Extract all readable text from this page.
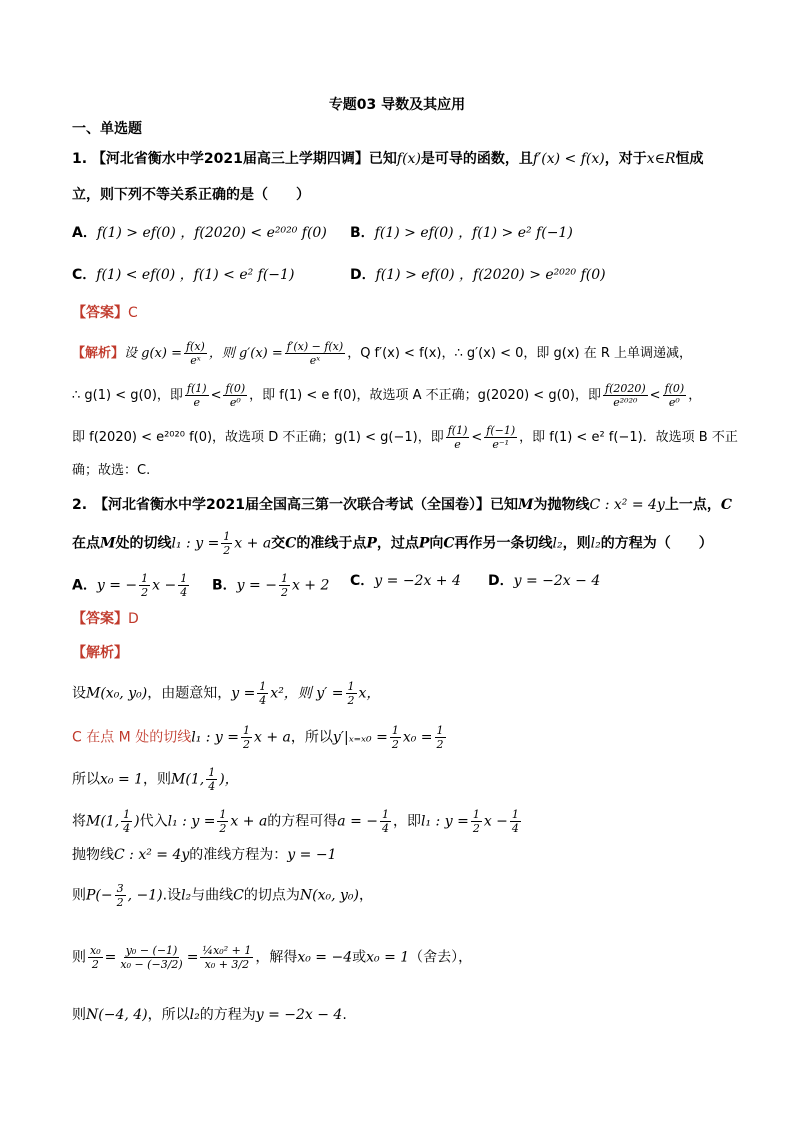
专题03 导数及其应用
一、单选题
1. 【河北省衡水中学2021届高三上学期四调】已知f(x)是可导的函数，且f′(x) < f(x)，对于x∈R恒成
立，则下列不等关系正确的是（　　）
A．f(1) > ef(0) ，f(2020) < e²⁰²⁰ f(0) B．f(1) > ef(0) ，f(1) > e² f(−1)
C．f(1) < ef(0) ，f(1) < e² f(−1)	D．f(1) > ef(0) ，f(2020) > e²⁰²⁰ f(0)
【答案】C
【解析】设 $g(x) = \frac{f(x)}{\text{eˣ}}$ ，则 $g'(x) = \frac{f'(x) - f(x)}{\text{eˣ}}$ ，Q f′(x) < f(x)，∴ g′(x) < 0，即 g(x) 在 R 上单调递减，
∴ g(1) < g(0)，即 $\frac{f(1)}{e} < \frac{f(0)}{\text{e⁰}}$ ，即 f(1) < e f(0)，故选项 A 不正确；g(2020) < g(0)，即 $\frac{f(2020)}{\text{e²⁰²⁰}} < \frac{f(0)}{\text{e⁰}}$ ，
即 f(2020) < e²⁰²⁰ f(0)，故选项 D 不正确；g(1) < g(−1)，即 $\frac{f(1)}{e} < \frac{f(-1)}{\text{e⁻¹}}$ ，即 f(1) < e² f(−1)．故选项 B 不正
确；故选：C.
2.　【河北省衡水中学2021届全国高三第一次联合考试（全国卷）】已知M为抛物线C : x² = 4y上一点，C
在点M处的切线l₁ : $y = \frac{1}{2}$ x + a交C的准线于点P，过点P向C再作另一条切线l₂，则l₂的方程为（　　）
A．y = − $\frac{1}{2}$ $x - \frac{1}{4}$ B．y = − $\frac{1}{2}$ x + 2 C．y = −2x + 4 D．y = −2x − 4
【答案】D
【解析】
设M(x₀, y₀)，由题意知，$y = \frac{1}{4} x^2$，则 $y' = \frac{1}{2}$ x，
C 在点 M 处的切线l₁ : $y = \frac{1}{2}$ x + a，所以$y'|_{x=x0} = \frac{1}{2} x_0 = \frac{1}{2}$
所以x₀ = 1，则M(1, $\frac{1}{4}$ )，
将M(1, $\frac{1}{4}$ )代入l₁ : $y = \frac{1}{2}$ x + a的方程可得a = − $\frac{1}{4}$ ，即l₁ : $y = \frac{1}{2}$ $x - \frac{1}{4}$
抛物线C : x² = 4y的准线方程为：y = −1
则$P(- \frac{3}{2}$ , −1).设l₂与曲线C的切点为N(x₀, y₀)，
则 $\frac{\text{x₀}}{2} = \frac{\text{y₀ − (−1)}}{\text{x₀ − (−3/2)}} = \frac{\text{¼x₀² + 1}}{\text{x₀ + 3/2}}$ ，解得x₀ = −4或x₀ = 1（舍去），
则N(−4, 4)，所以l₂的方程为y = −2x − 4.
